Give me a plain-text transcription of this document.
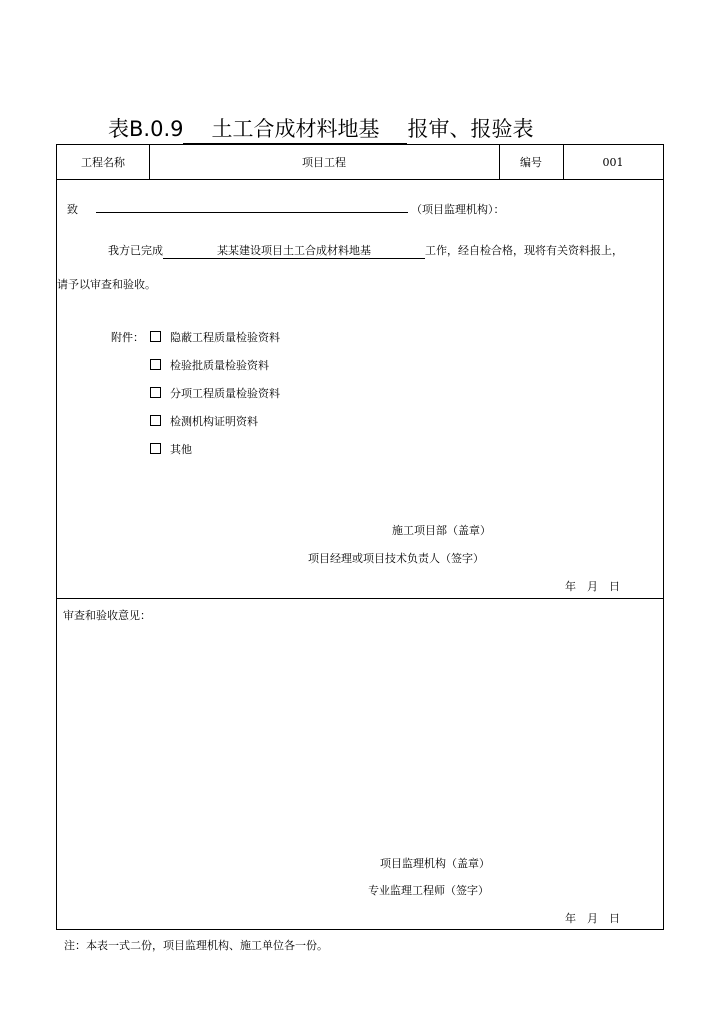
表B.0.9 土工合成材料地基 报审、报验表
工程名称	项目工程	编号	001
致	（项目监理机构）：
我方已完成	某某建设项目土工合成材料地基	工作，经自检合格，现将有关资料报上，
请予以审查和验收。
附件：	隐蔽工程质量检验资料
检验批质量检验资料
分项工程质量检验资料
检测机构证明资料
其他
施工项目部（盖章）
项目经理或项目技术负责人（签字）
年　月　日
审查和验收意见：
项目监理机构（盖章）
专业监理工程师（签字）
年　月　日
注：本表一式二份，项目监理机构、施工单位各一份。
